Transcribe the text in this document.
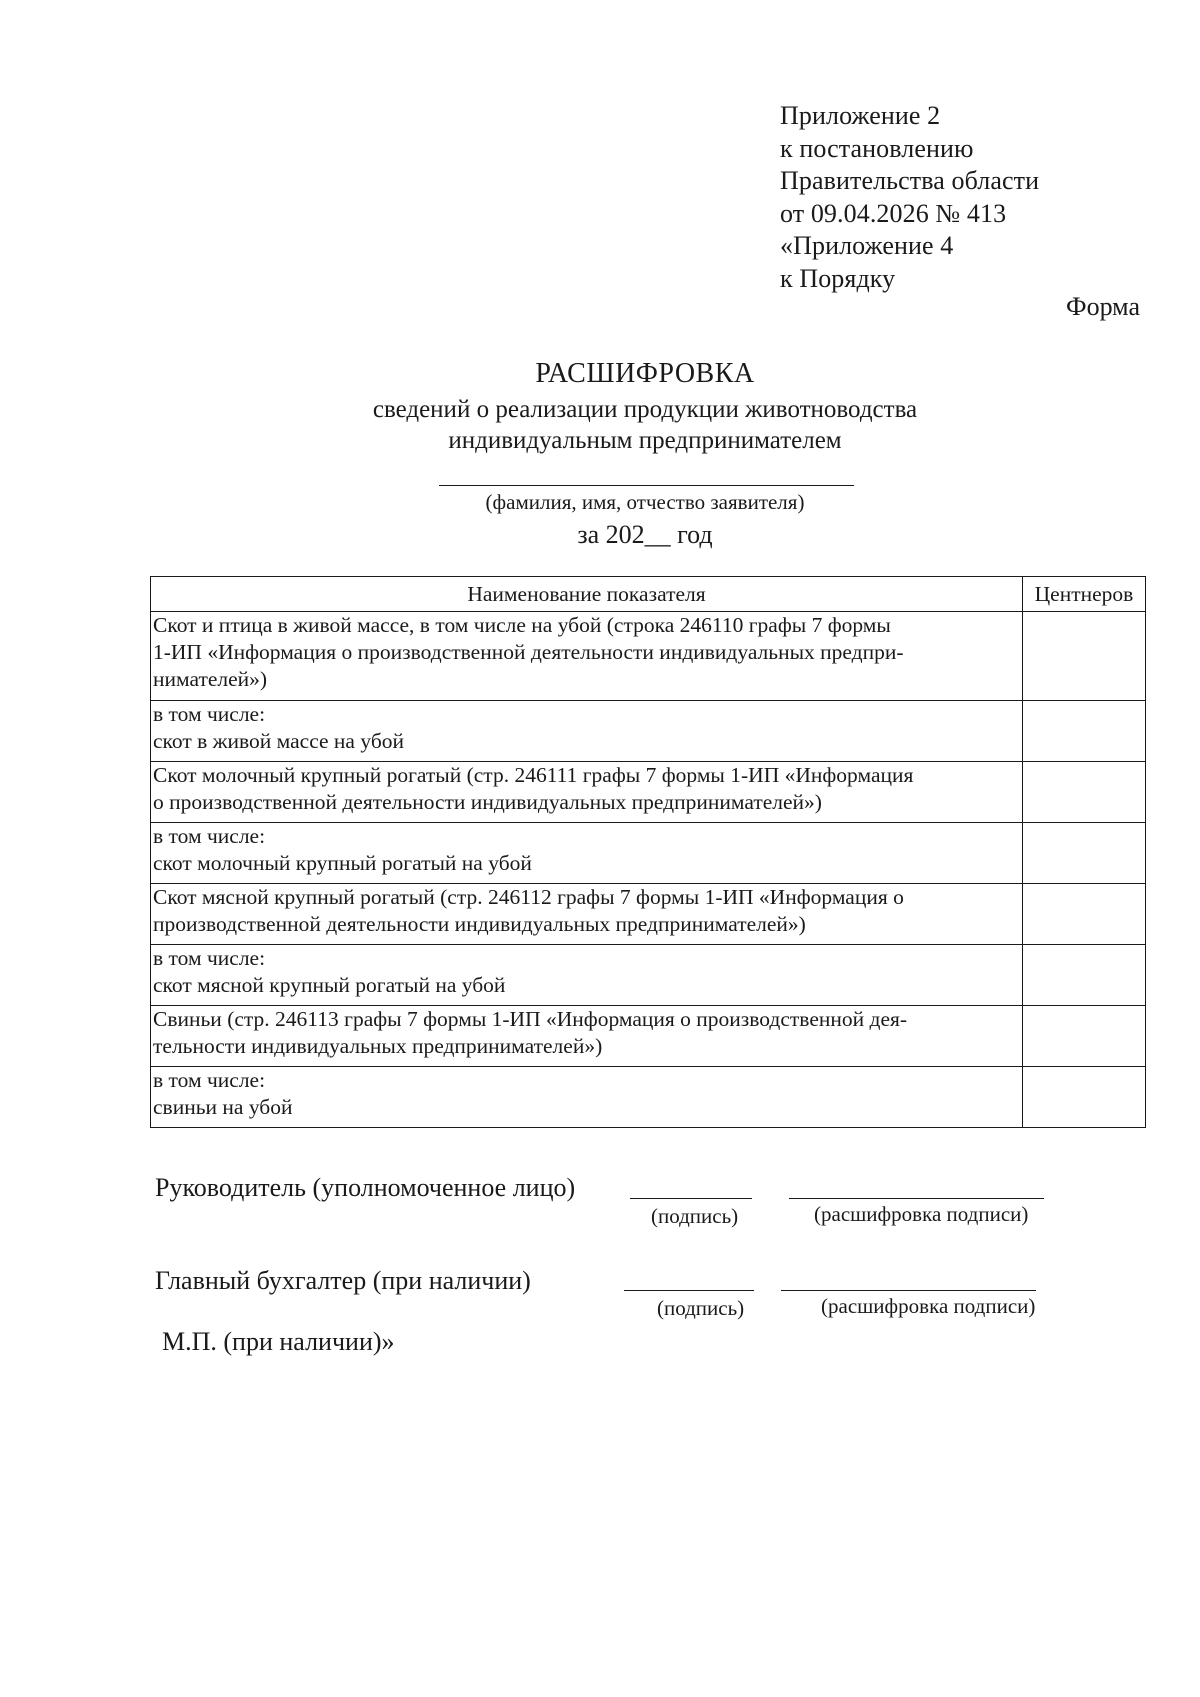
Приложение 2
к постановлению
Правительства области
от 09.04.2026 № 413
«Приложение 4
к Порядку
Форма
РАСШИФРОВКА
сведений о реализации продукции животноводства
индивидуальным предпринимателем
(фамилия, имя, отчество заявителя)
за 202__ год
Наименование показателя	Центнеров

Скот и птица в живой массе, в том числе на убой (строка 246110 графы 7 формы
1-ИП «Информация о производственной деятельности индивидуальных предпри-
нимателей»)	

в том числе:
скот в живой массе на убой	

Скот молочный крупный рогатый (стр. 246111 графы 7 формы 1-ИП «Информация
о производственной деятельности индивидуальных предпринимателей»)	

в том числе:
скот молочный крупный рогатый на убой	

Скот мясной крупный рогатый (стр. 246112 графы 7 формы 1-ИП «Информация о
производственной деятельности индивидуальных предпринимателей»)	

в том числе:
скот мясной крупный рогатый на убой	

Свиньи (стр. 246113 графы 7 формы 1-ИП «Информация о производственной дея-
тельности индивидуальных предпринимателей»)	

в том числе:
свиньи на убой	

Руководитель (уполномоченное лицо)
(подпись)	(расшифровка подписи)
Главный бухгалтер (при наличии)
(подпись)	(расшифровка подписи)
М.П. (при наличии)»
